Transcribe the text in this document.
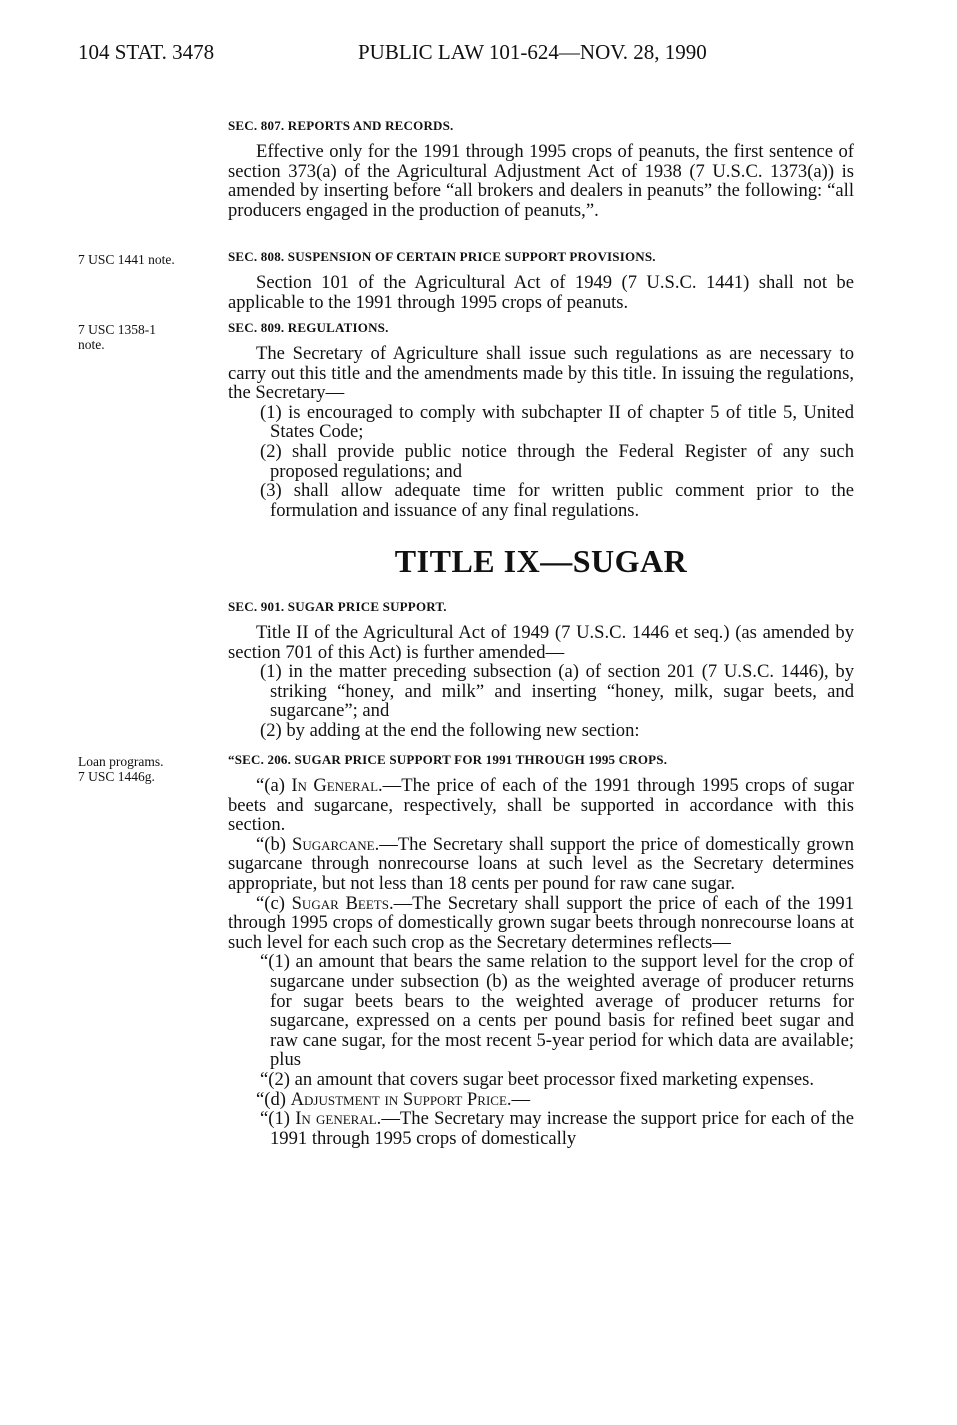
104 STAT. 3478	PUBLIC LAW 101-624—NOV. 28, 1990
7 USC 1441 note.
7 USC 1358-1
note.
Loan programs.
7 USC 1446g.
SEC. 807. REPORTS AND RECORDS.

Effective only for the 1991 through 1995 crops of peanuts, the first sentence of section 373(a) of the Agricultural Adjustment Act of 1938 (7 U.S.C. 1373(a)) is amended by inserting before “all brokers and dealers in peanuts” the following: “all producers engaged in the production of peanuts,”.

SEC. 808. SUSPENSION OF CERTAIN PRICE SUPPORT PROVISIONS.

Section 101 of the Agricultural Act of 1949 (7 U.S.C. 1441) shall not be applicable to the 1991 through 1995 crops of peanuts.

SEC. 809. REGULATIONS.

The Secretary of Agriculture shall issue such regulations as are necessary to carry out this title and the amendments made by this title. In issuing the regulations, the Secretary—

(1) is encouraged to comply with subchapter II of chapter 5 of title 5, United States Code;

(2) shall provide public notice through the Federal Register of any such proposed regulations; and

(3) shall allow adequate time for written public comment prior to the formulation and issuance of any final regulations.

TITLE IX—SUGAR
SEC. 901. SUGAR PRICE SUPPORT.

Title II of the Agricultural Act of 1949 (7 U.S.C. 1446 et seq.) (as amended by section 701 of this Act) is further amended—

(1) in the matter preceding subsection (a) of section 201 (7 U.S.C. 1446), by striking “honey, and milk” and inserting “honey, milk, sugar beets, and sugarcane”; and

(2) by adding at the end the following new section:

“SEC. 206. SUGAR PRICE SUPPORT FOR 1991 THROUGH 1995 CROPS.

“(a) In General.—The price of each of the 1991 through 1995 crops of sugar beets and sugarcane, respectively, shall be supported in accordance with this section.

“(b) Sugarcane.—The Secretary shall support the price of domestically grown sugarcane through nonrecourse loans at such level as the Secretary determines appropriate, but not less than 18 cents per pound for raw cane sugar.

“(c) Sugar Beets.—The Secretary shall support the price of each of the 1991 through 1995 crops of domestically grown sugar beets through nonrecourse loans at such level for each such crop as the Secretary determines reflects—

“(1) an amount that bears the same relation to the support level for the crop of sugarcane under subsection (b) as the weighted average of producer returns for sugar beets bears to the weighted average of producer returns for sugarcane, expressed on a cents per pound basis for refined beet sugar and raw cane sugar, for the most recent 5-year period for which data are available; plus

“(2) an amount that covers sugar beet processor fixed marketing expenses.

“(d) Adjustment in Support Price.—

“(1) In general.—The Secretary may increase the support price for each of the 1991 through 1995 crops of domestically
